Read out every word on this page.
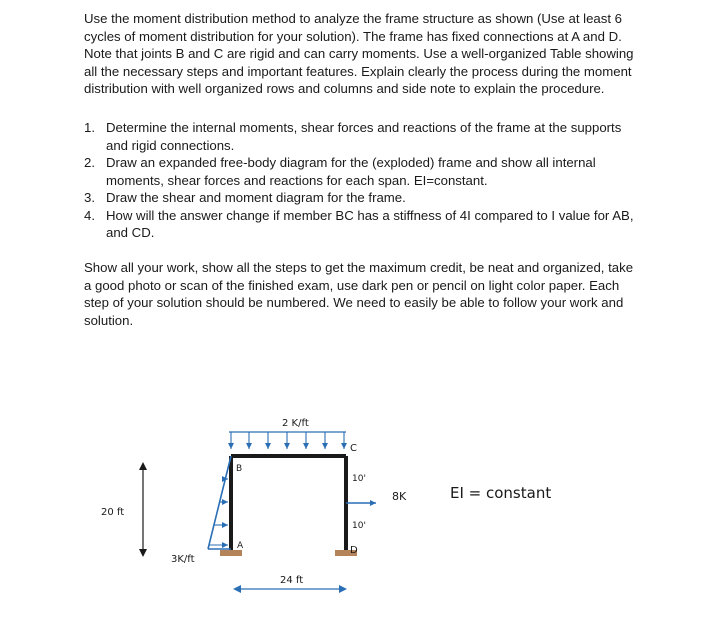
Use the moment distribution method to analyze the frame structure as shown (Use at least 6 cycles of moment distribution for your solution). The frame has fixed connections at A and D. Note that joints B and C are rigid and can carry moments. Use a well-organized Table showing all the necessary steps and important features. Explain clearly the process during the moment distribution with well organized rows and columns and side note to explain the procedure.
1. Determine the internal moments, shear forces and reactions of the frame at the supports and rigid connections.
2. Draw an expanded free-body diagram for the (exploded) frame and show all internal moments, shear forces and reactions for each span. EI=constant.
3. Draw the shear and moment diagram for the frame.
4. How will the answer change if member BC has a stiffness of 4I compared to I value for AB, and CD.
Show all your work, show all the steps to get the maximum credit, be neat and organized, take a good photo or scan of the finished exam, use dark pen or pencil on light color paper. Each step of your solution should be numbered. We need to easily be able to follow your work and solution.
2 K/ft
3K/ft
B
C
A	D
10'
10'
8K
20 ft
24 ft
EI = constant
